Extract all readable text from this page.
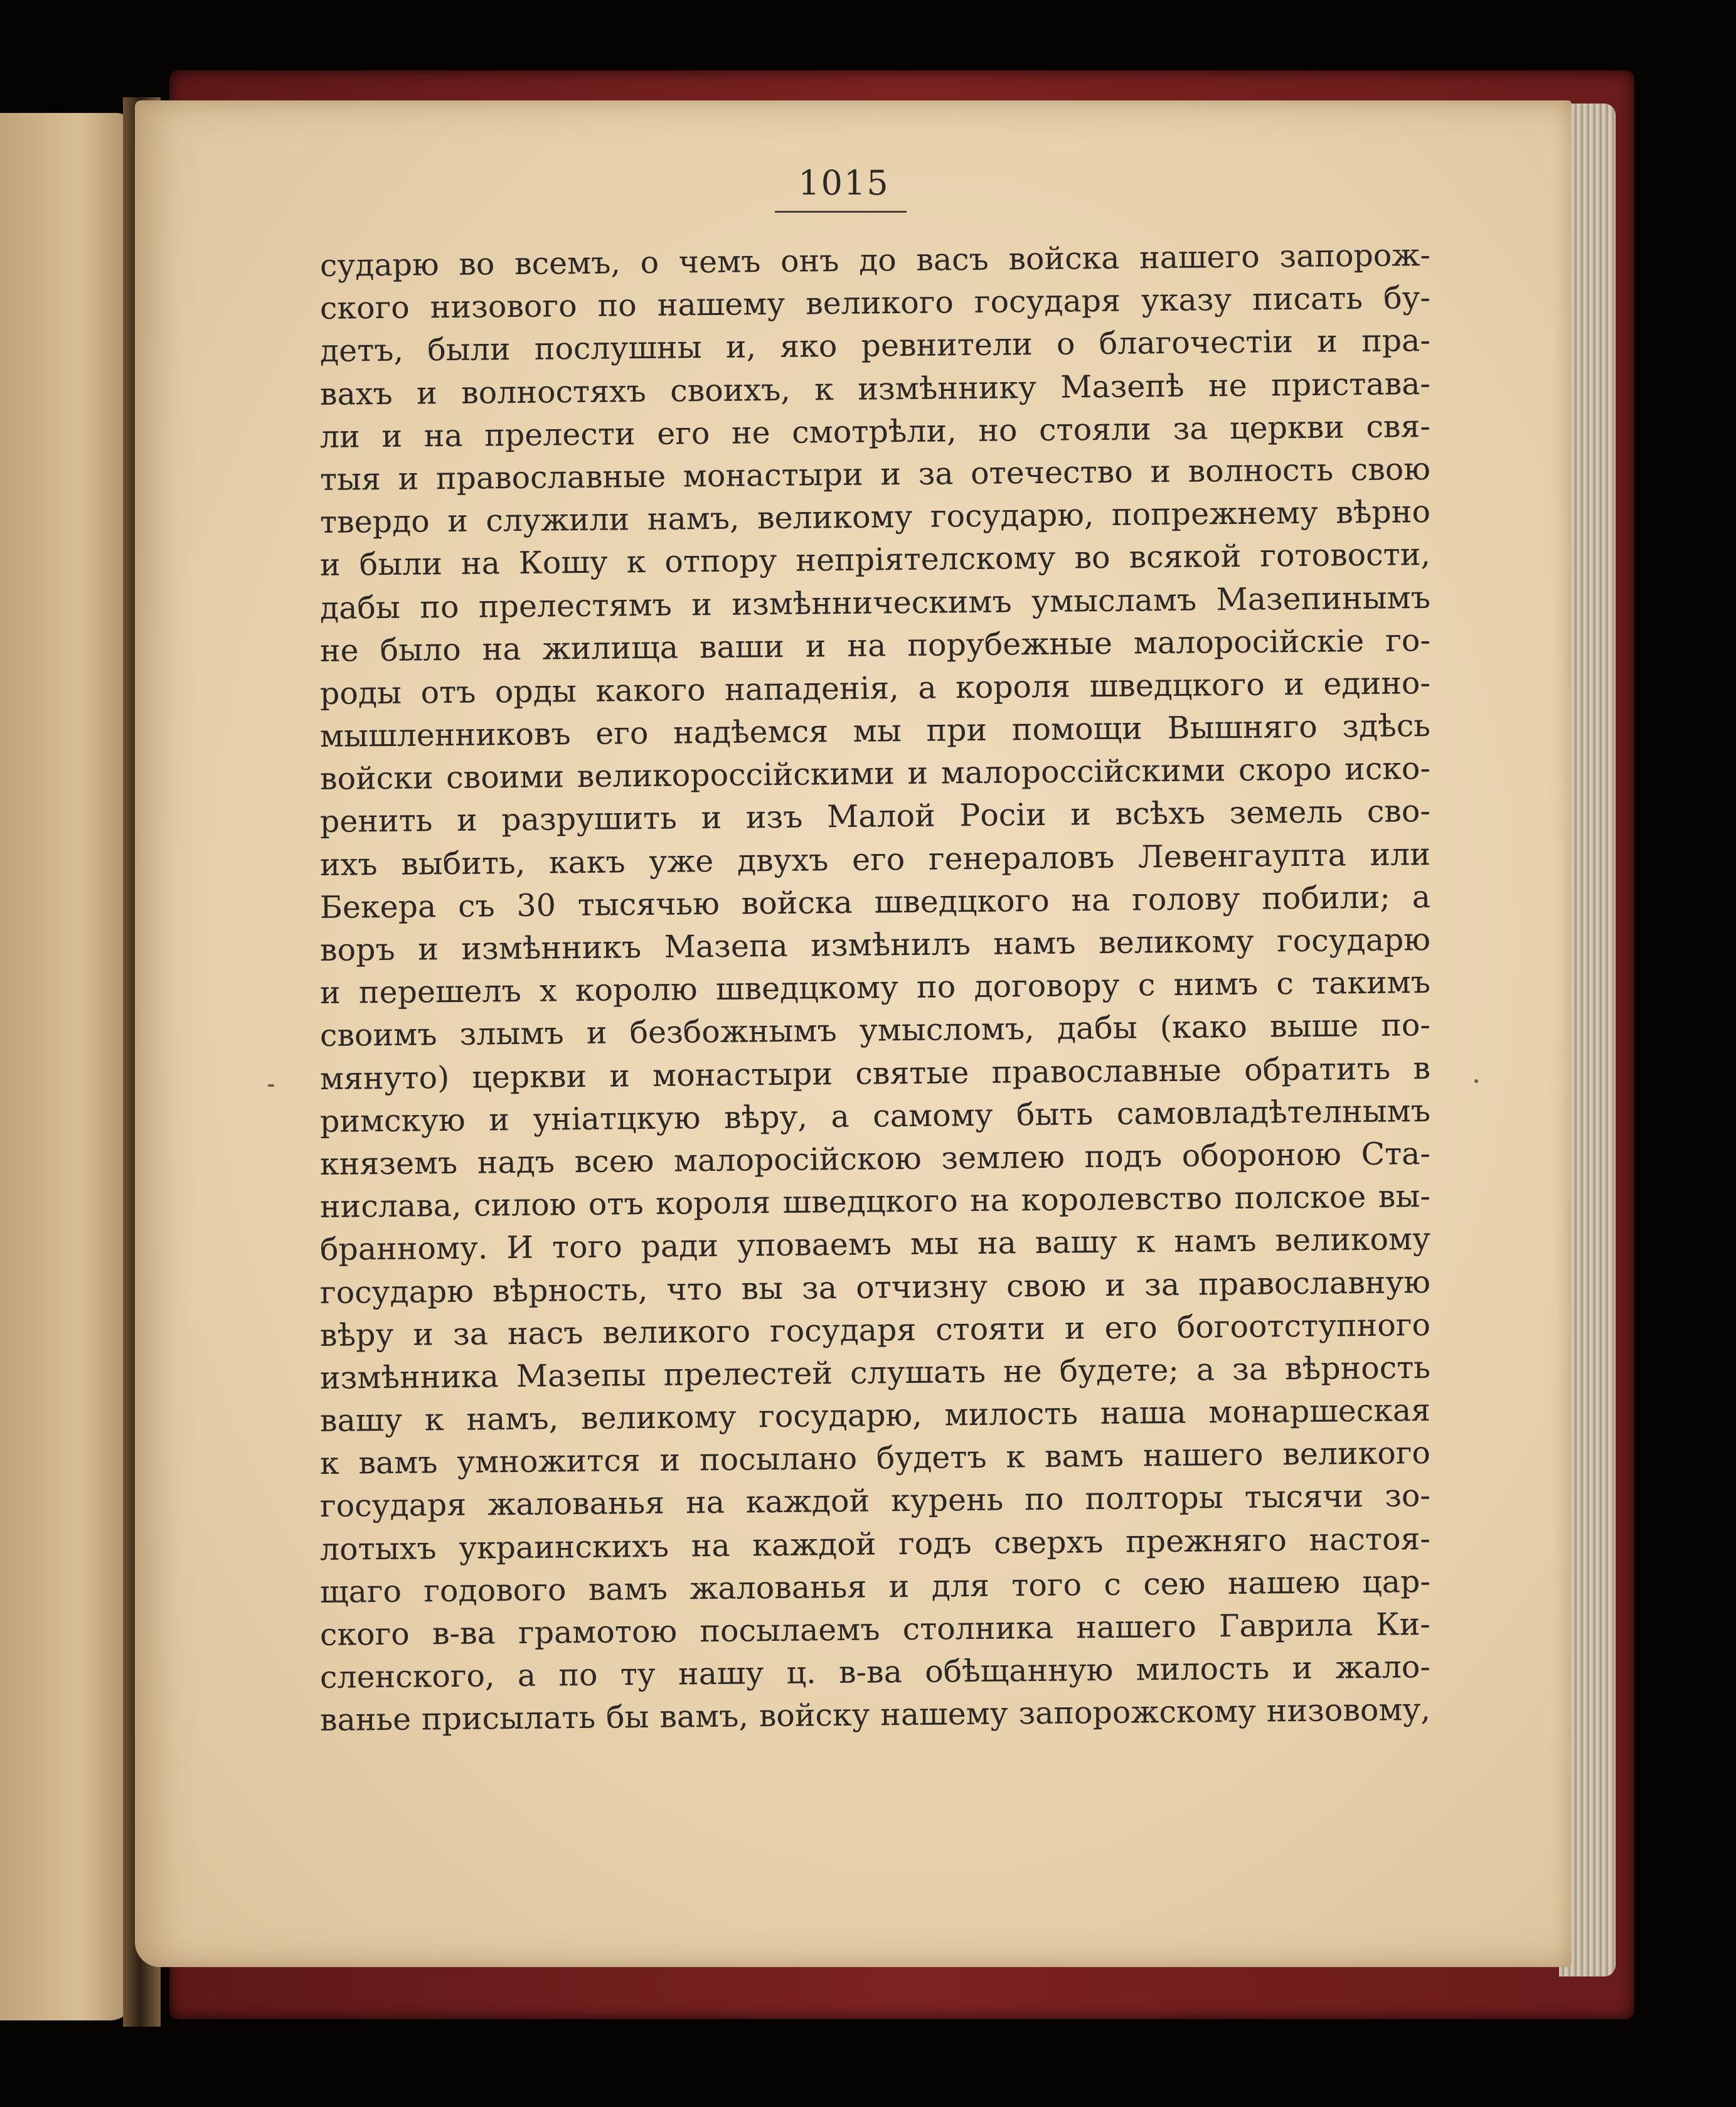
1015
сударю во всемъ, о чемъ онъ до васъ войска нашего запорож-
ского низового по нашему великого государя указу писать бу-
детъ, были послушны и, яко ревнители о благочестіи и пра-
вахъ и волностяхъ своихъ, к измѣннику Мазепѣ не пристава-
ли и на прелести его не смотрѣли, но стояли за церкви свя-
тыя и православные монастыри и за отечество и волность свою
твердо и служили намъ, великому государю, попрежнему вѣрно
и были на Кошу к отпору непріятелскому во всякой готовости,
дабы по прелестямъ и измѣнническимъ умысламъ Мазепинымъ
не было на жилища ваши и на порубежные малоросійскіе го-
роды отъ орды какого нападенія, а короля шведцкого и едино-
мышленниковъ его надѣемся мы при помощи Вышняго здѣсь
войски своими великороссійскими и малороссійскими скоро иско-
ренить и разрушить и изъ Малой Росіи и всѣхъ земель сво-
ихъ выбить, какъ уже двухъ его генераловъ Левенгаупта или
Бекера съ 30 тысячью войска шведцкого на голову побили; а
воръ и измѣнникъ Мазепа измѣнилъ намъ великому государю
и перешелъ х королю шведцкому по договору с нимъ с такимъ
своимъ злымъ и безбожнымъ умысломъ, дабы (како выше по-
мянуто) церкви и монастыри святые православные обратить в
римскую и уніатцкую вѣру, а самому быть самовладѣтелнымъ
княземъ надъ всею малоросійскою землею подъ обороною Ста-
нислава, силою отъ короля шведцкого на королевство полское вы-
бранному. И того ради уповаемъ мы на вашу к намъ великому
государю вѣрность, что вы за отчизну свою и за православную
вѣру и за насъ великого государя стояти и его богоотступного
измѣнника Мазепы прелестей слушать не будете; а за вѣрность
вашу к намъ, великому государю, милость наша монаршеская
к вамъ умножится и посылано будетъ к вамъ нашего великого
государя жалованья на каждой курень по полторы тысячи зо-
лотыхъ украинскихъ на каждой годъ сверхъ прежняго настоя-
щаго годового вамъ жалованья и для того с сею нашею цар-
ского в-ва грамотою посылаемъ столника нашего Гаврила Ки-
сленского, а по ту нашу ц. в-ва обѣщанную милость и жало-
ванье присылать бы вамъ, войску нашему запорожскому низовому,
